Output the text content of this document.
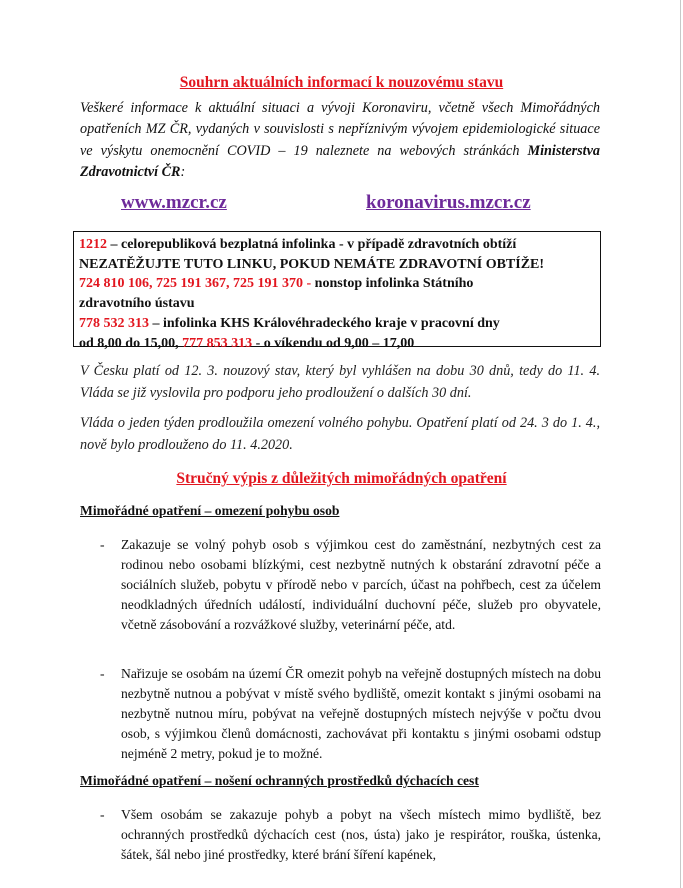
Souhrn aktuálních informací k nouzovému stavu
Veškeré informace k aktuální situaci a vývoji Koronaviru, včetně všech Mimořádných opatřeních MZ ČR, vydaných v souvislosti s nepříznivým vývojem epidemiologické situace ve výskytu onemocnění COVID – 19 naleznete na webových stránkách Ministerstva Zdravotnictví ČR:
www.mzcr.cz	koronavirus.mzcr.cz
1212 – celorepubliková bezplatná infolinka - v případě zdravotních obtíží
NEZATĚŽUJTE TUTO LINKU, POKUD NEMÁTE ZDRAVOTNÍ OBTÍŽE!
724 810 106, 725 191 367, 725 191 370 - nonstop infolinka Státního
zdravotního ústavu
778 532 313 – infolinka KHS Královéhradeckého kraje v pracovní dny
od 8,00 do 15,00, 777 853 313 - o víkendu od 9,00 – 17,00
V Česku platí od 12. 3. nouzový stav, který byl vyhlášen na dobu 30 dnů, tedy do 11. 4. Vláda se již vyslovila pro podporu jeho prodloužení o dalších 30 dní.
Vláda o jeden týden prodloužila omezení volného pohybu. Opatření platí od 24. 3 do 1. 4., nově bylo prodlouženo do 11. 4.2020.
Stručný výpis z důležitých mimořádných opatření
Mimořádné opatření – omezení pohybu osob
- Zakazuje se volný pohyb osob s výjimkou cest do zaměstnání, nezbytných cest za rodinou nebo osobami blízkými, cest nezbytně nutných k obstarání zdravotní péče a sociálních služeb, pobytu v přírodě nebo v parcích, účast na pohřbech, cest za účelem neodkladných úředních událostí, individuální duchovní péče, služeb pro obyvatele, včetně zásobování a rozvážkové služby, veterinární péče, atd.
- Nařizuje se osobám na území ČR omezit pohyb na veřejně dostupných místech na dobu nezbytně nutnou a pobývat v místě svého bydliště, omezit kontakt s jinými osobami na nezbytně nutnou míru, pobývat na veřejně dostupných místech nejvýše v počtu dvou osob, s výjimkou členů domácnosti, zachovávat při kontaktu s jinými osobami odstup nejméně 2 metry, pokud je to možné.
Mimořádné opatření – nošení ochranných prostředků dýchacích cest
- Všem osobám se zakazuje pohyb a pobyt na všech místech mimo bydliště, bez ochranných prostředků dýchacích cest (nos, ústa) jako je respirátor, rouška, ústenka, šátek, šál nebo jiné prostředky, které brání šíření kapének,
